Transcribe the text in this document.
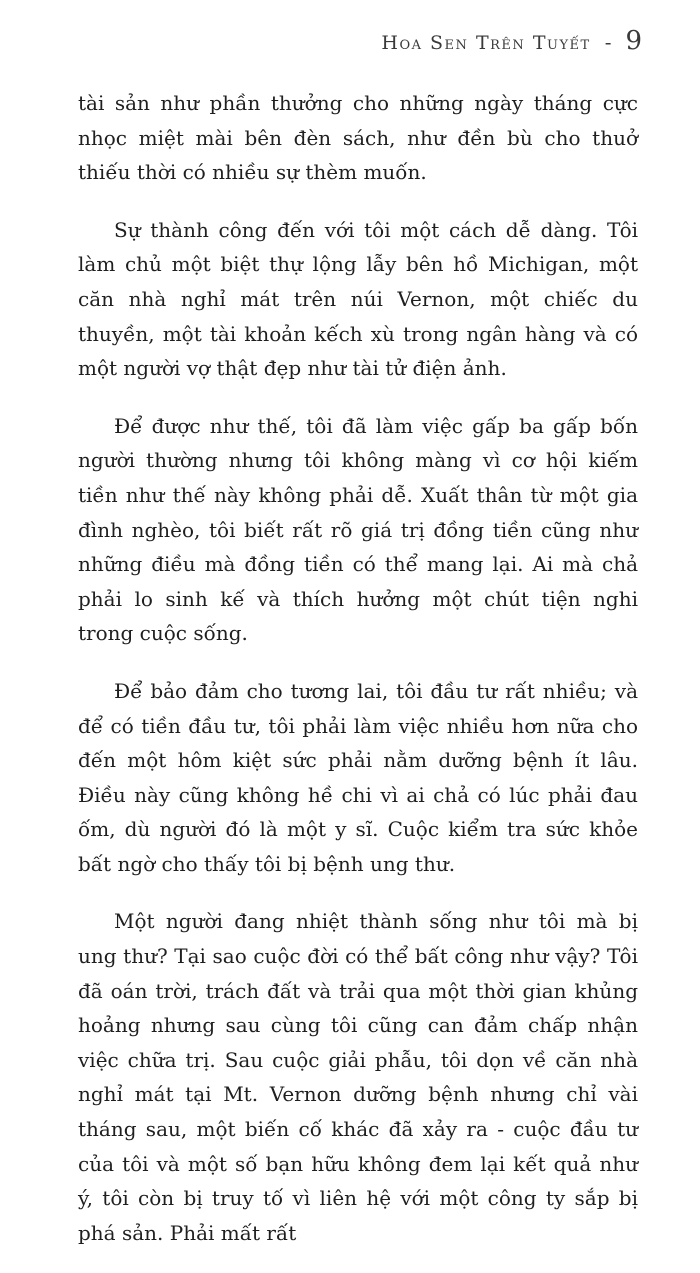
Hoa Sen Trên Tuyết - 9

tài sản như phần thưởng cho những ngày tháng cực nhọc miệt mài bên đèn sách, như đền bù cho thuở thiếu thời có nhiều sự thèm muốn.

Sự thành công đến với tôi một cách dễ dàng. Tôi làm chủ một biệt thự lộng lẫy bên hồ Michigan, một căn nhà nghỉ mát trên núi Vernon, một chiếc du thuyền, một tài khoản kếch xù trong ngân hàng và có một người vợ thật đẹp như tài tử điện ảnh.

Để được như thế, tôi đã làm việc gấp ba gấp bốn người thường nhưng tôi không màng vì cơ hội kiếm tiền như thế này không phải dễ. Xuất thân từ một gia đình nghèo, tôi biết rất rõ giá trị đồng tiền cũng như những điều mà đồng tiền có thể mang lại. Ai mà chả phải lo sinh kế và thích hưởng một chút tiện nghi trong cuộc sống.

Để bảo đảm cho tương lai, tôi đầu tư rất nhiều; và để có tiền đầu tư, tôi phải làm việc nhiều hơn nữa cho đến một hôm kiệt sức phải nằm dưỡng bệnh ít lâu. Điều này cũng không hề chi vì ai chả có lúc phải đau ốm, dù người đó là một y sĩ. Cuộc kiểm tra sức khỏe bất ngờ cho thấy tôi bị bệnh ung thư.

Một người đang nhiệt thành sống như tôi mà bị ung thư? Tại sao cuộc đời có thể bất công như vậy? Tôi đã oán trời, trách đất và trải qua một thời gian khủng hoảng nhưng sau cùng tôi cũng can đảm chấp nhận việc chữa trị. Sau cuộc giải phẫu, tôi dọn về căn nhà nghỉ mát tại Mt. Vernon dưỡng bệnh nhưng chỉ vài tháng sau, một biến cố khác đã xảy ra - cuộc đầu tư của tôi và một số bạn hữu không đem lại kết quả như ý, tôi còn bị truy tố vì liên hệ với một công ty sắp bị phá sản. Phải mất rất
